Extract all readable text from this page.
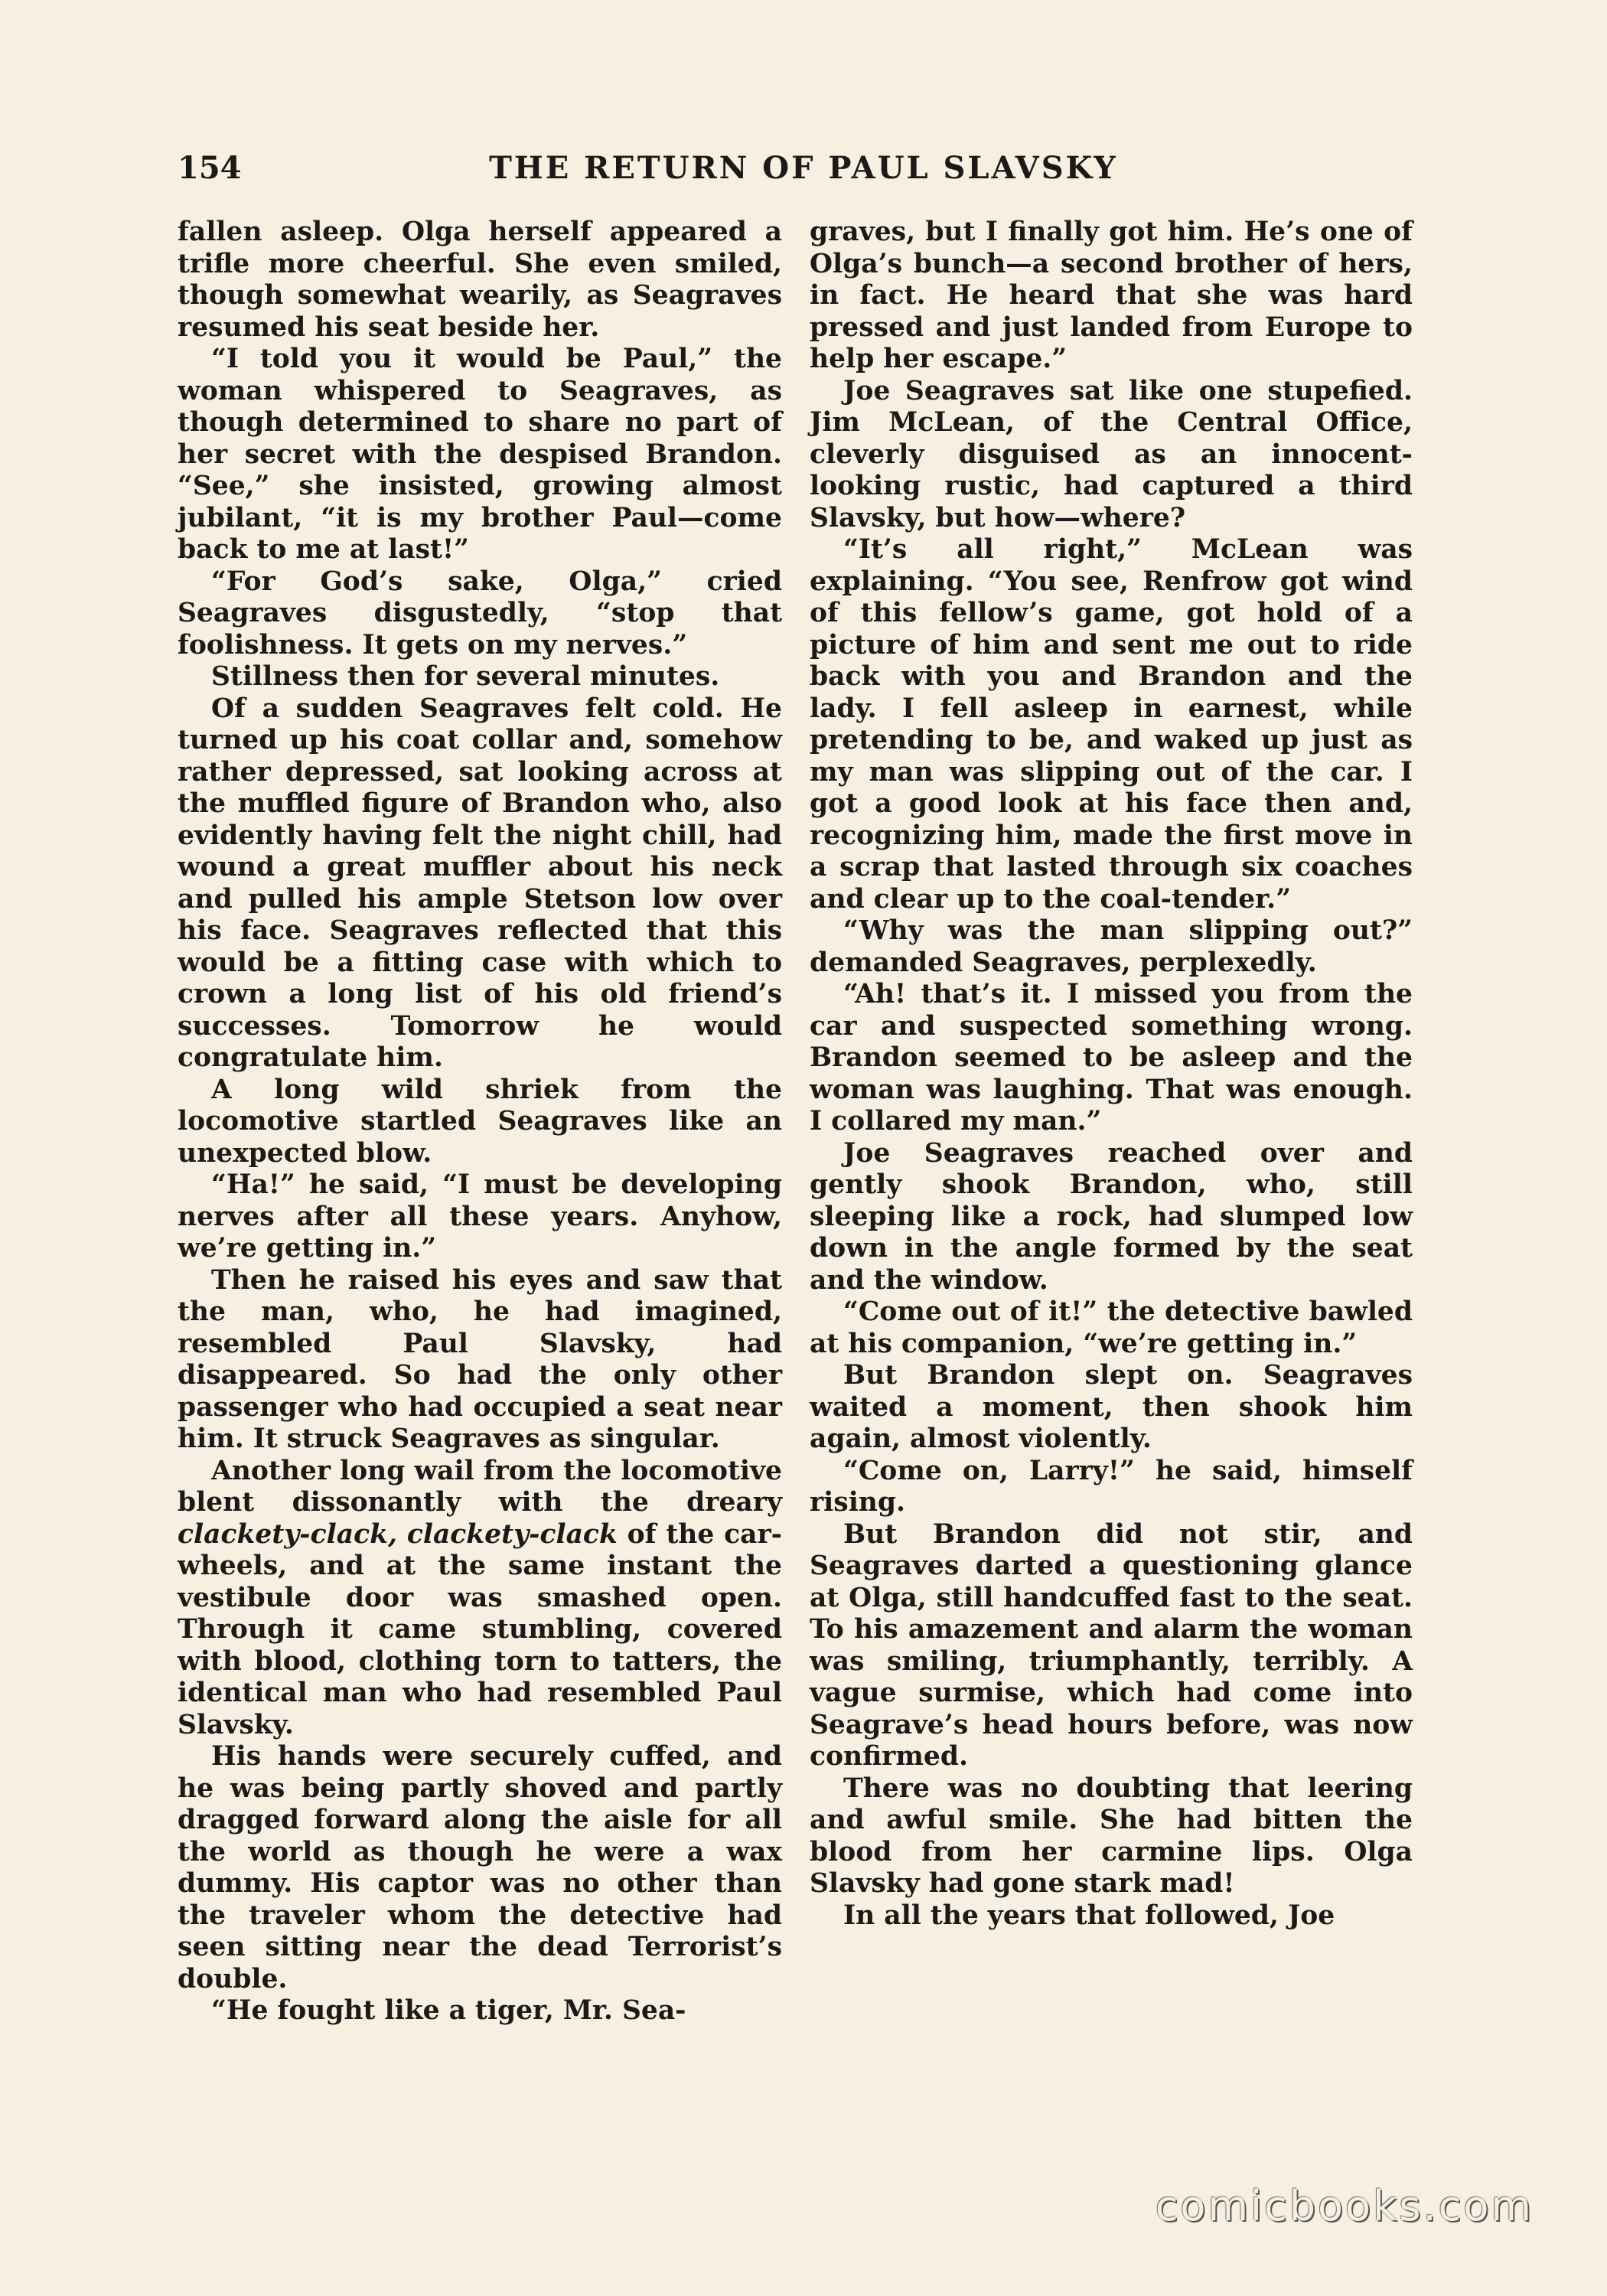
154	THE RETURN OF PAUL SLAVSKY

fallen asleep. Olga herself appeared a trifle more cheerful. She even smiled, though somewhat wearily, as Seagraves resumed his seat beside her.

“I told you it would be Paul,” the woman whispered to Seagraves, as though determined to share no part of her secret with the despised Brandon. “See,” she insisted, growing almost jubilant, “it is my brother Paul—come back to me at last!”

“For God’s sake, Olga,” cried Seagraves disgustedly, “stop that foolishness. It gets on my nerves.”

Stillness then for several minutes.

Of a sudden Seagraves felt cold. He turned up his coat collar and, somehow rather depressed, sat looking across at the muffled figure of Brandon who, also evidently having felt the night chill, had wound a great muffler about his neck and pulled his ample Stetson low over his face. Seagraves reflected that this would be a fitting case with which to crown a long list of his old friend’s successes. Tomorrow he would congratulate him.

A long wild shriek from the locomotive startled Seagraves like an unexpected blow.

“Ha!” he said, “I must be developing nerves after all these years. Anyhow, we’re getting in.”

Then he raised his eyes and saw that the man, who, he had imagined, resembled Paul Slavsky, had disappeared. So had the only other passenger who had occupied a seat near him. It struck Seagraves as singular.

Another long wail from the locomotive blent dissonantly with the dreary clackety-clack, clackety-clack of the car- wheels, and at the same instant the vestibule door was smashed open. Through it came stumbling, covered with blood, clothing torn to tatters, the identical man who had resembled Paul Slavsky.

His hands were securely cuffed, and he was being partly shoved and partly dragged forward along the aisle for all the world as though he were a wax dummy. His captor was no other than the traveler whom the detective had seen sitting near the dead Terrorist’s double.

“He fought like a tiger, Mr. Sea-

graves, but I finally got him. He’s one of Olga’s bunch—a second brother of hers, in fact. He heard that she was hard pressed and just landed from Europe to help her escape.”

Joe Seagraves sat like one stupefied. Jim McLean, of the Central Office, cleverly disguised as an innocent-looking rustic, had captured a third Slavsky, but how—where?

“It’s all right,” McLean was explaining. “You see, Renfrow got wind of this fellow’s game, got hold of a picture of him and sent me out to ride back with you and Brandon and the lady. I fell asleep in earnest, while pretending to be, and waked up just as my man was slipping out of the car. I got a good look at his face then and, recognizing him, made the first move in a scrap that lasted through six coaches and clear up to the coal-tender.”

“Why was the man slipping out?” demanded Seagraves, perplexedly.

“Ah! that’s it. I missed you from the car and suspected something wrong. Brandon seemed to be asleep and the woman was laughing. That was enough. I collared my man.”

Joe Seagraves reached over and gently shook Brandon, who, still sleeping like a rock, had slumped low down in the angle formed by the seat and the window.

“Come out of it!” the detective bawled at his companion, “we’re getting in.”

But Brandon slept on. Seagraves waited a moment, then shook him again, almost violently.

“Come on, Larry!” he said, himself rising.

But Brandon did not stir, and Seagraves darted a questioning glance at Olga, still handcuffed fast to the seat. To his amazement and alarm the woman was smiling, triumphantly, terribly. A vague surmise, which had come into Seagrave’s head hours before, was now confirmed.

There was no doubting that leering and awful smile. She had bitten the blood from her carmine lips. Olga Slavsky had gone stark mad!

In all the years that followed, Joe

comicbooks.com
